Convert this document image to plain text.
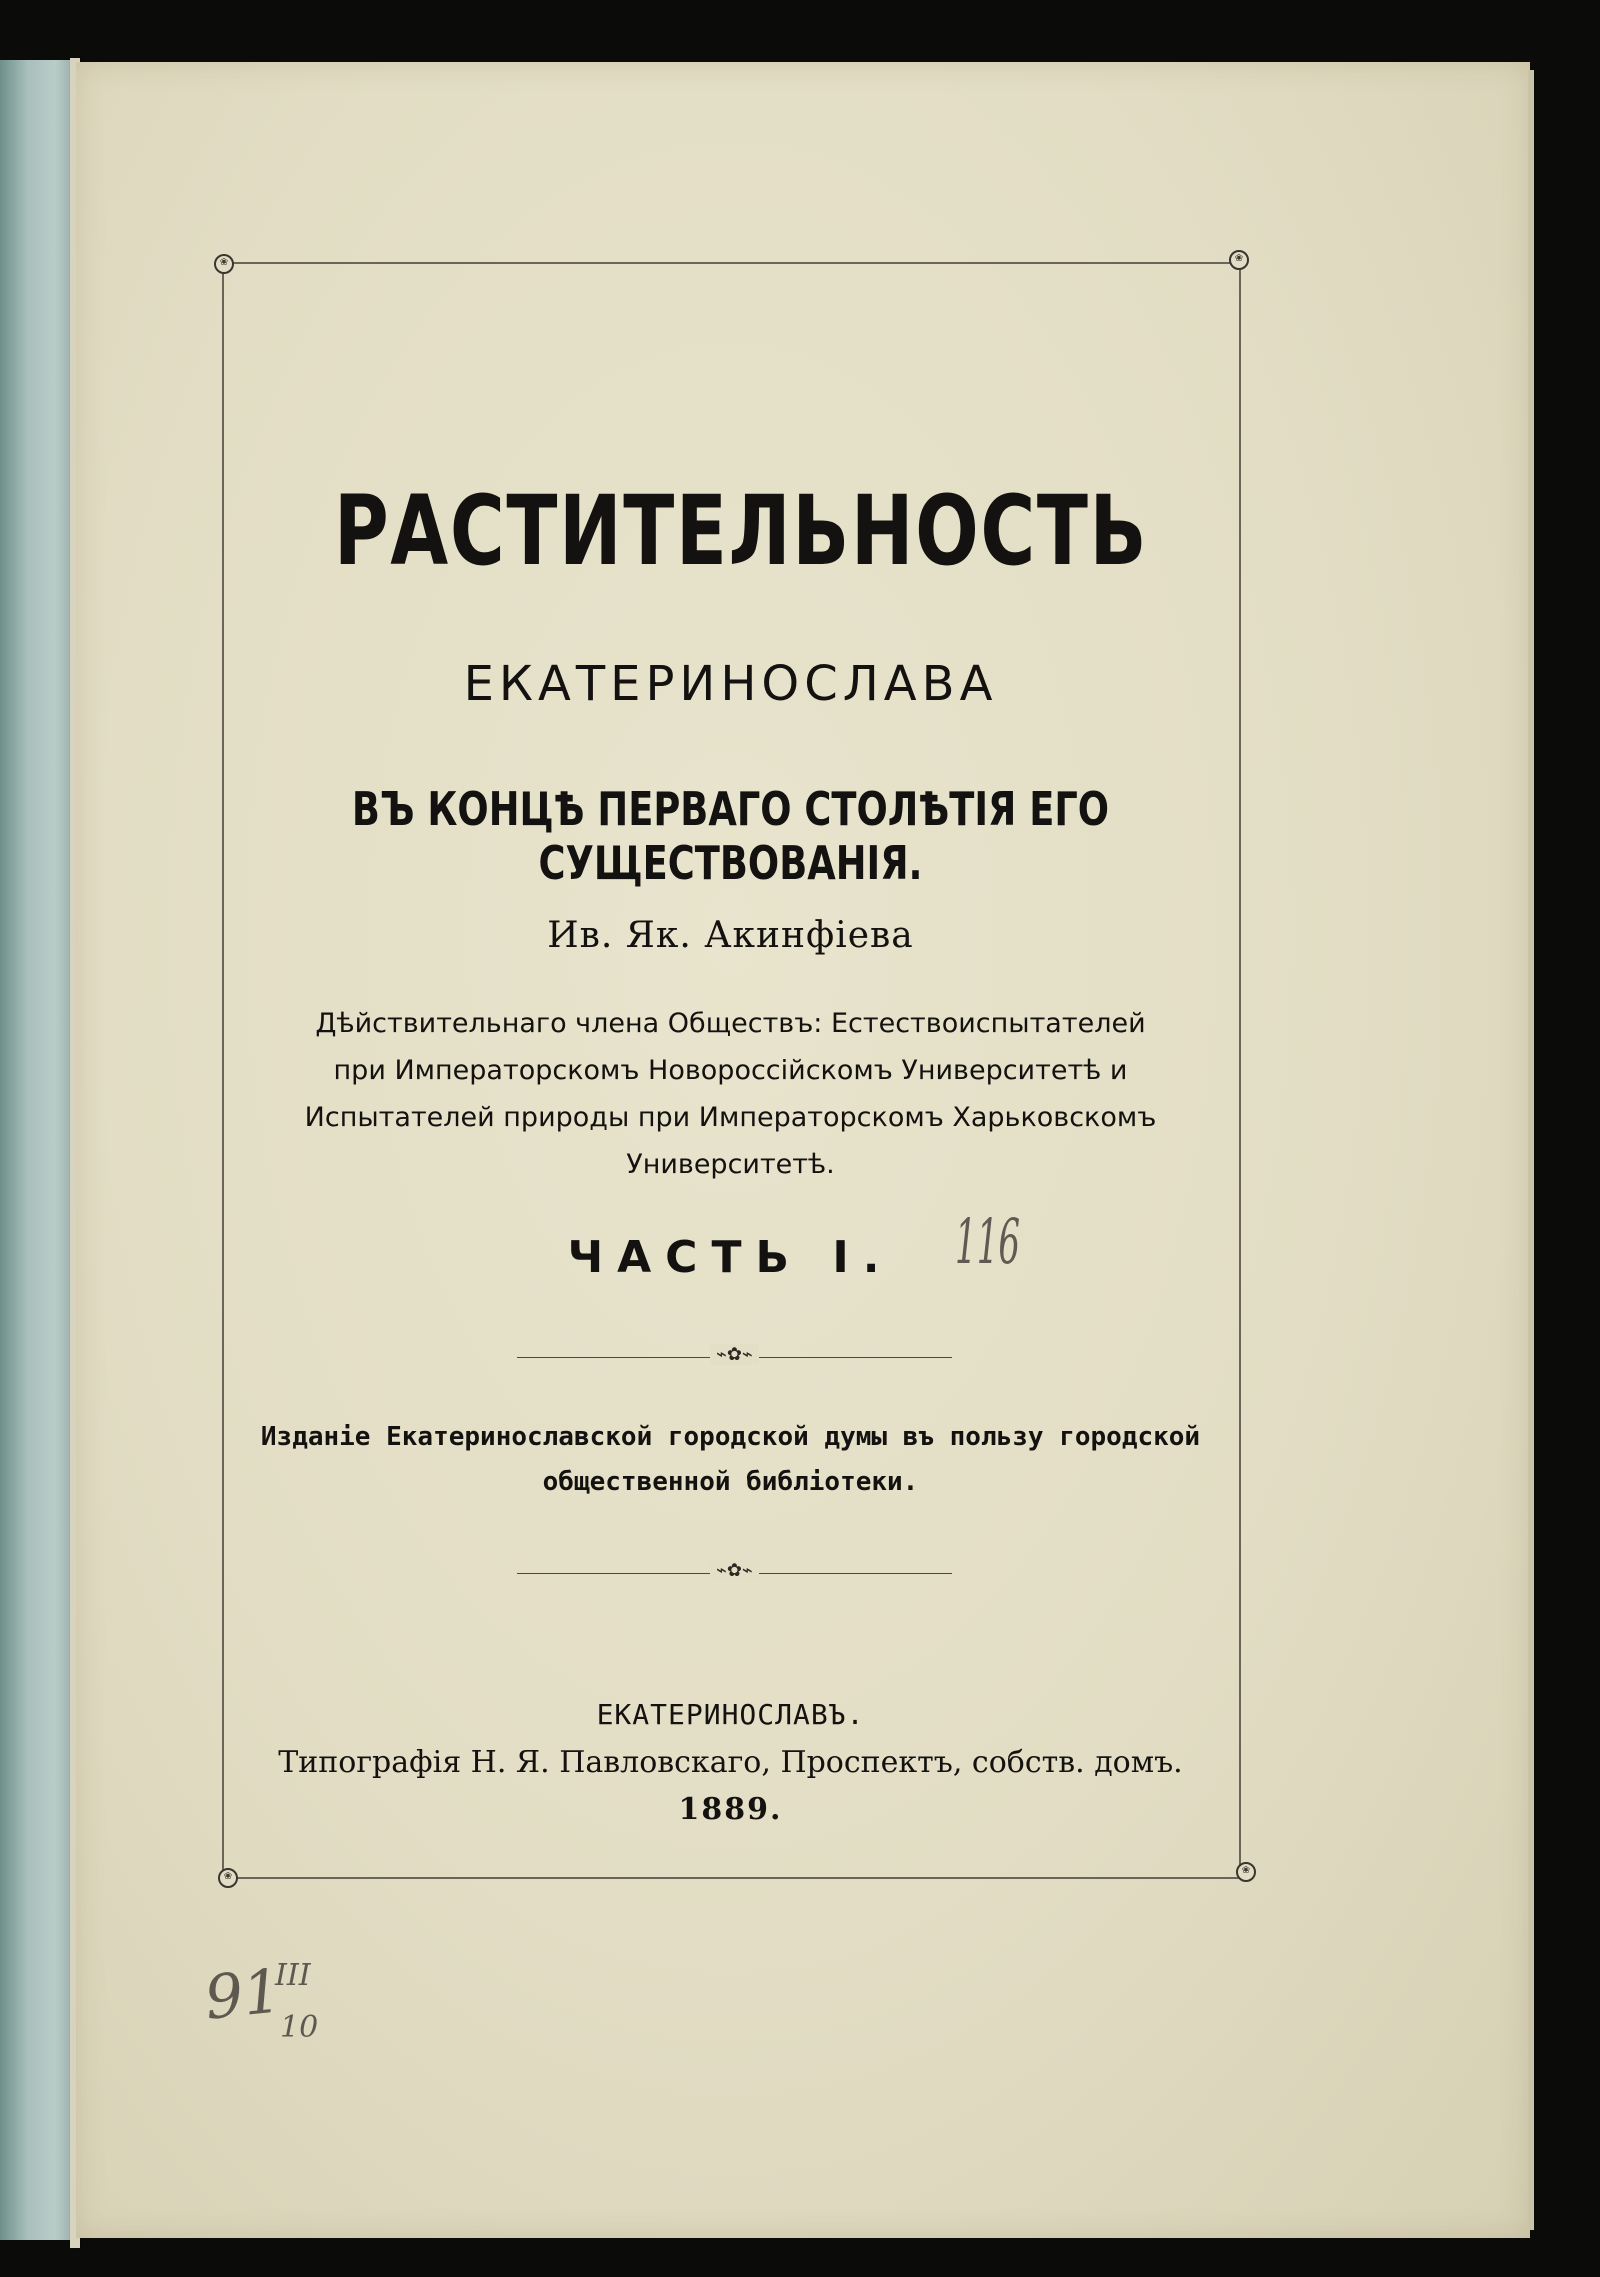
❀	❀
❀
❀
РАСТИТЕЛЬНОСТЬ
ЕКАТЕРИНОСЛАВА
ВЪ КОНЦѢ ПЕРВАГО СТОЛѢТІЯ ЕГО СУЩЕСТВОВАНІЯ.
Ив. Як. Акинфіева
Дѣйствительнаго члена Обществъ: Естествоиспытателей
при Императорскомъ Новороссійскомъ Университетѣ и
Испытателей природы при Императорскомъ Харьковскомъ
Университетѣ.
ЧАСТЬ I.
⌁✿⌁
Изданіе Екатеринославской городской думы въ пользу городской
общественной библіотеки.
⌁✿⌁
ЕКАТЕРИНОСЛАВЪ.
Типографія Н. Я. Павловскаго, Проспектъ, собств. домъ.
1889.
116
91
III
10
